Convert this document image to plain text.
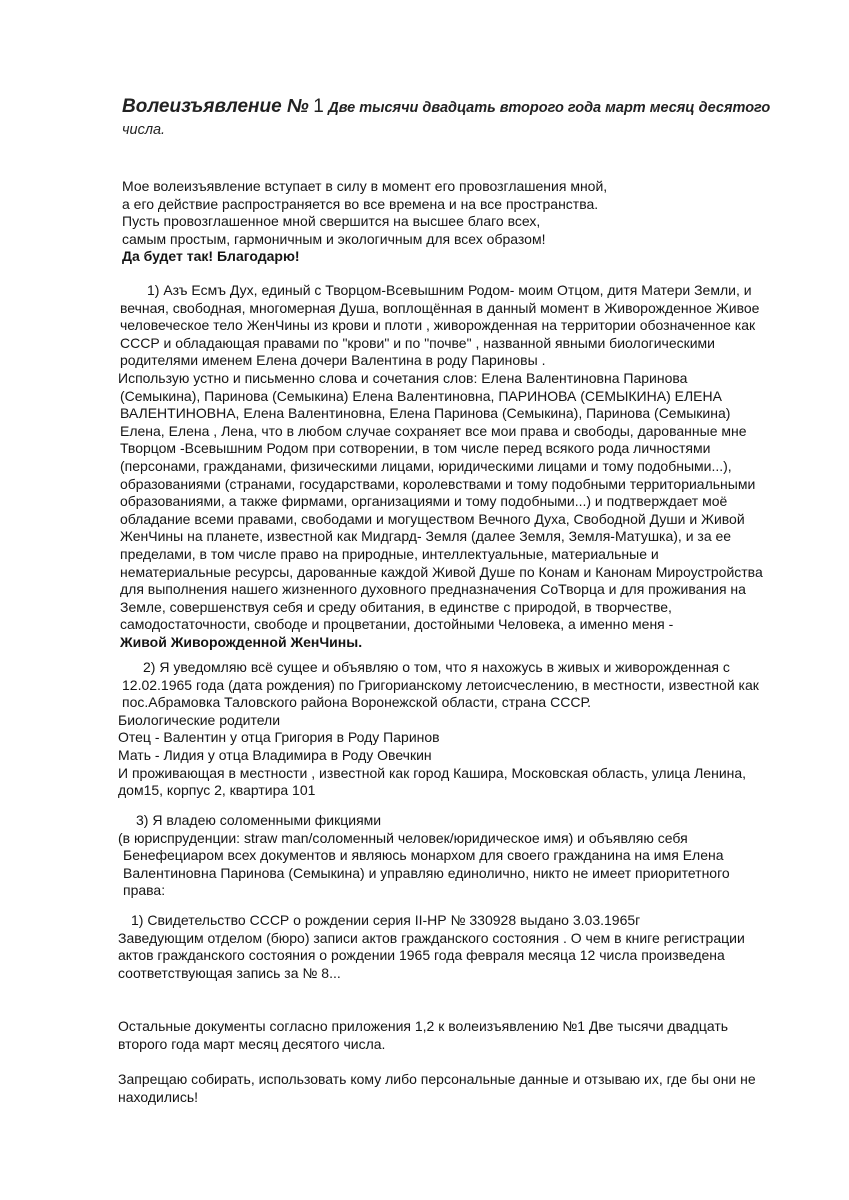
Волеизъявление № 1 Две тысячи двадцать второго года март месяц десятого
числа.
Мое волеизъявление вступает в силу в момент его провозглашения мной,
а его действие распространяется во все времена и на все пространства.
Пусть провозглашенное мной свершится на высшее благо всех,
самым простым, гармоничным и экологичным для всех образом!
Да будет так! Благодарю!
1) Азъ Есмъ Дух, единый с Творцом-Всевышним Родом- моим Отцом, дитя Матери Земли, и
вечная, свободная, многомерная Душа, воплощённая в данный момент в Живорожденное Живое
человеческое тело ЖенЧины из крови и плоти , живорожденная на территории обозначенное как
СССР и обладающая правами по "крови" и по "почве" , названной явными биологическими
родителями именем Елена дочери Валентина в роду Париновы .
Использую устно и письменно слова и сочетания слов: Елена Валентиновна Паринова
(Семыкина), Паринова (Семыкина) Елена Валентиновна, ПАРИНОВА (СЕМЫКИНА) ЕЛЕНА
ВАЛЕНТИНОВНА, Елена Валентиновна, Елена Паринова (Семыкина), Паринова (Семыкина)
Елена, Елена , Лена, что в любом случае сохраняет все мои права и свободы, дарованные мне
Творцом -Всевышним Родом при сотворении, в том числе перед всякого рода личностями
(персонами, гражданами, физическими лицами, юридическими лицами и тому подобными...),
образованиями (странами, государствами, королевствами и тому подобными территориальными
образованиями, а также фирмами, организациями и тому подобными...) и подтверждает моё
обладание всеми правами, свободами и могуществом Вечного Духа, Свободной Души и Живой
ЖенЧины на планете, известной как Мидгард- Земля (далее Земля, Земля-Матушка), и за ее
пределами, в том числе право на природные, интеллектуальные, материальные и
нематериальные ресурсы, дарованные каждой Живой Душе по Конам и Канонам Мироустройства
для выполнения нашего жизненного духовного предназначения СоТворца и для проживания на
Земле, совершенствуя себя и среду обитания, в единстве с природой, в творчестве,
самодостаточности, свободе и процветании, достойными Человека, а именно меня -
Живой Живорожденной ЖенЧины.
2) Я уведомляю всё сущее и объявляю о том, что я нахожусь в живых и живорожденная с
12.02.1965 года (дата рождения) по Григорианскому летоисчеслению, в местности, известной как
пос.Абрамовка Таловского района Воронежской области, страна СССР.
Биологические родители
Отец - Валентин у отца Григория в Роду Паринов
Мать - Лидия у отца Владимира в Роду Овечкин
И проживающая в местности , известной как город Кашира, Московская область, улица Ленина,
дом15, корпус 2, квартира 101
3) Я владею соломенными фикциями
(в юриспруденции: straw man/соломенный человек/юридическое имя) и объявляю себя
Бенефециаром всех документов и являюсь монархом для своего гражданина на имя Елена
Валентиновна Паринова (Семыкина) и управляю единолично, никто не имеет приоритетного
права:
1) Свидетельство СССР о рождении серия II-НР № 330928 выдано 3.03.1965г
Заведующим отделом (бюро) записи актов гражданского состояния . О чем в книге регистрации
актов гражданского состояния о рождении 1965 года февраля месяца 12 числа произведена
соответствующая запись за № 8...
Остальные документы согласно приложения 1,2 к волеизъявлению №1 Две тысячи двадцать
второго года март месяц десятого числа.
Запрещаю собирать, использовать кому либо персональные данные и отзываю их, где бы они не
находились!
